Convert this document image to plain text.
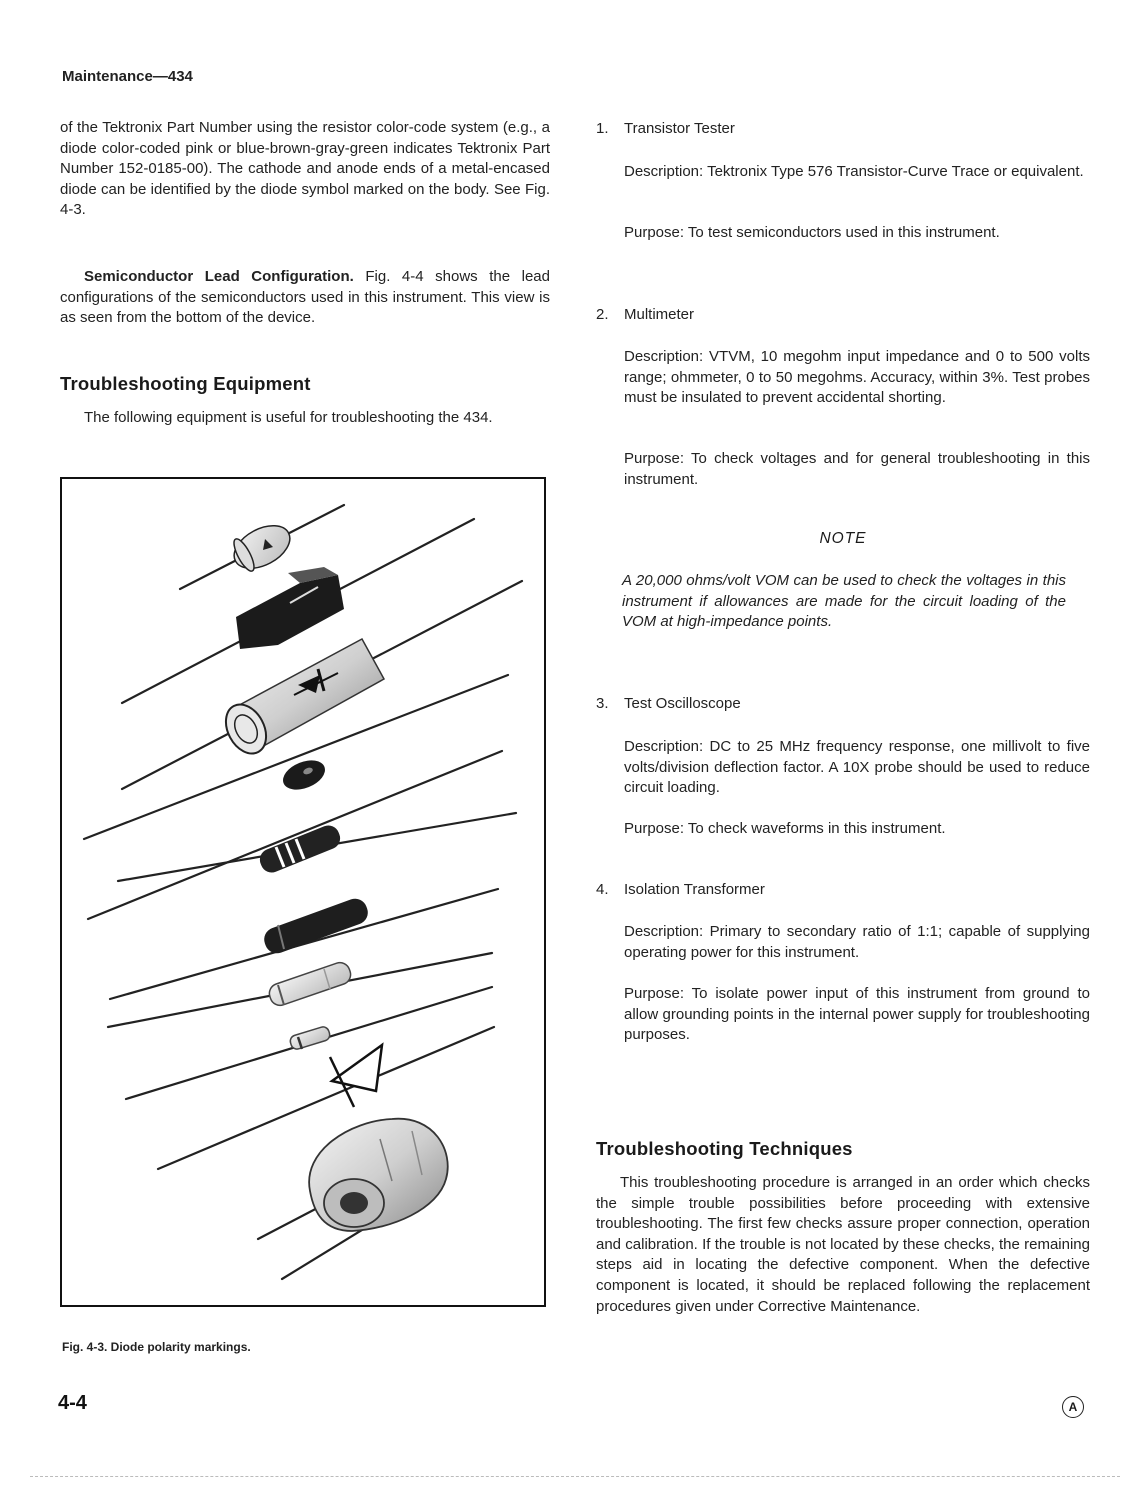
Maintenance—434

of the Tektronix Part Number using the resistor color-code system (e.g., a diode color-coded pink or blue-brown-gray-green indicates Tektronix Part Number 152-0185-00). The cathode and anode ends of a metal-encased diode can be identified by the diode symbol marked on the body. See Fig. 4-3.

Semiconductor Lead Configuration. Fig. 4-4 shows the lead configurations of the semiconductors used in this instrument. This view is as seen from the bottom of the device.

Troubleshooting Equipment

The following equipment is useful for troubleshooting the 434.

Fig. 4-3. Diode polarity markings.
1. Transistor Tester

Description: Tektronix Type 576 Transistor-Curve Trace or equivalent.

Purpose: To test semiconductors used in this instrument.

2. Multimeter

Description: VTVM, 10 megohm input impedance and 0 to 500 volts range; ohmmeter, 0 to 50 megohms. Accuracy, within 3%. Test probes must be insulated to prevent accidental shorting.

Purpose: To check voltages and for general troubleshooting in this instrument.

NOTE

A 20,000 ohms/volt VOM can be used to check the voltages in this instrument if allowances are made for the circuit loading of the VOM at high-impedance points.

3. Test Oscilloscope

Description: DC to 25 MHz frequency response, one millivolt to five volts/division deflection factor. A 10X probe should be used to reduce circuit loading.

Purpose: To check waveforms in this instrument.

4. Isolation Transformer

Description: Primary to secondary ratio of 1:1; capable of supplying operating power for this instrument.

Purpose: To isolate power input of this instrument from ground to allow grounding points in the internal power supply for troubleshooting purposes.

Troubleshooting Techniques

This troubleshooting procedure is arranged in an order which checks the simple trouble possibilities before proceeding with extensive troubleshooting. The first few checks assure proper connection, operation and calibration. If the trouble is not located by these checks, the remaining steps aid in locating the defective component. When the defective component is located, it should be replaced following the replacement procedures given under Corrective Maintenance.

4-4	A
